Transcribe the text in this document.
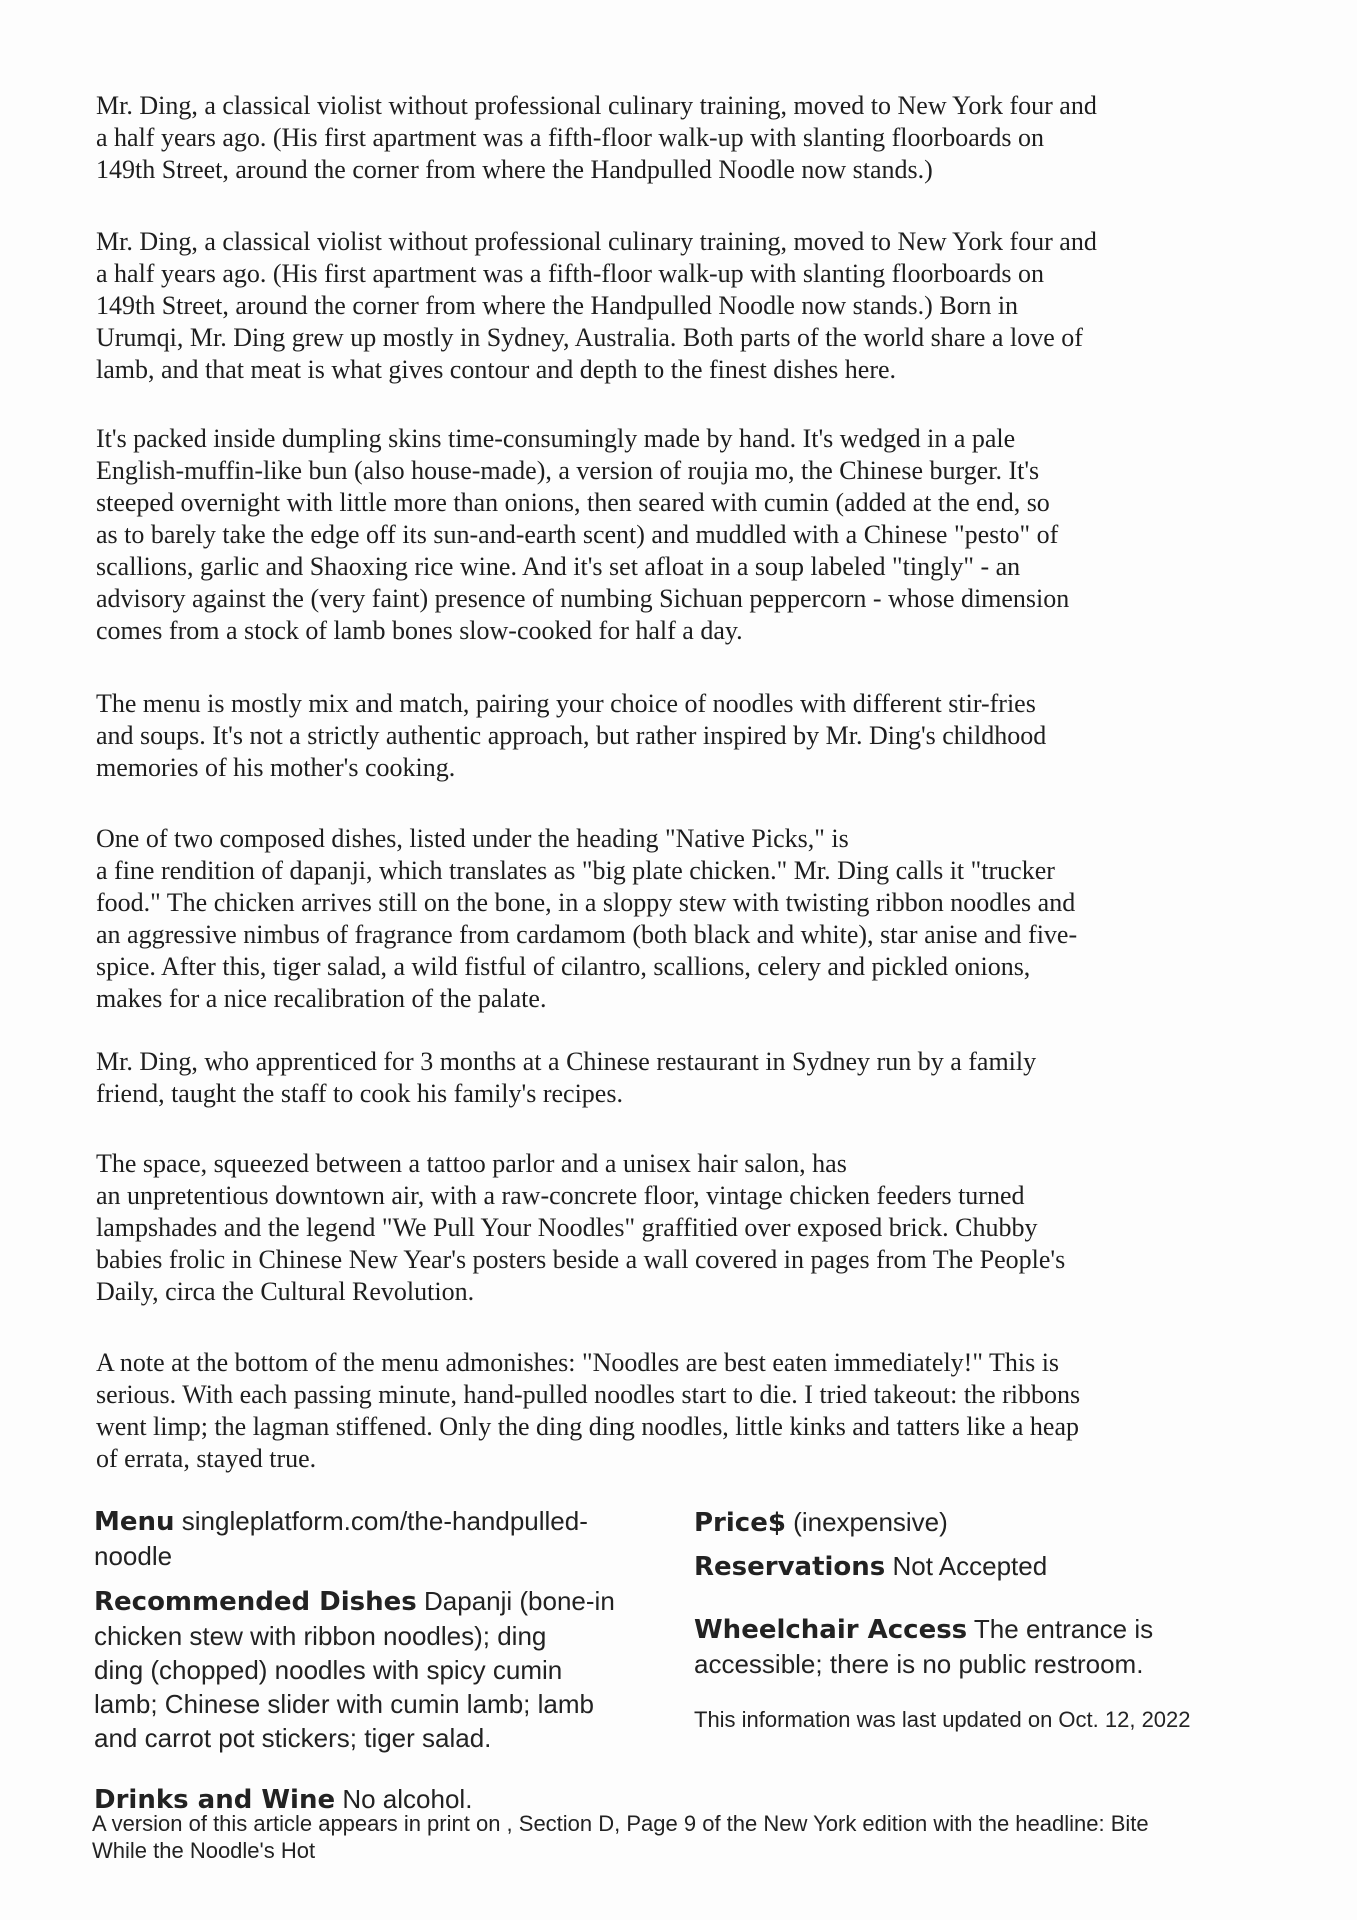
Mr. Ding, a classical violist without professional culinary training, moved to New York four and
a half years ago. (His first apartment was a fifth-floor walk-up with slanting floorboards on
149th Street, around the corner from where the Handpulled Noodle now stands.)

Mr. Ding, a classical violist without professional culinary training, moved to New York four and
a half years ago. (His first apartment was a fifth-floor walk-up with slanting floorboards on
149th Street, around the corner from where the Handpulled Noodle now stands.) Born in
Urumqi, Mr. Ding grew up mostly in Sydney, Australia. Both parts of the world share a love of
lamb, and that meat is what gives contour and depth to the finest dishes here.

It's packed inside dumpling skins time-consumingly made by hand. It's wedged in a pale
English-muffin-like bun (also house-made), a version of roujia mo, the Chinese burger. It's
steeped overnight with little more than onions, then seared with cumin (added at the end, so
as to barely take the edge off its sun-and-earth scent) and muddled with a Chinese "pesto" of
scallions, garlic and Shaoxing rice wine. And it's set afloat in a soup labeled "tingly" - an
advisory against the (very faint) presence of numbing Sichuan peppercorn - whose dimension
comes from a stock of lamb bones slow-cooked for half a day.

The menu is mostly mix and match, pairing your choice of noodles with different stir-fries
and soups. It's not a strictly authentic approach, but rather inspired by Mr. Ding's childhood
memories of his mother's cooking.

One of two composed dishes, listed under the heading "Native Picks," is
a fine rendition of dapanji, which translates as "big plate chicken." Mr. Ding calls it "trucker
food." The chicken arrives still on the bone, in a sloppy stew with twisting ribbon noodles and
an aggressive nimbus of fragrance from cardamom (both black and white), star anise and five-
spice. After this, tiger salad, a wild fistful of cilantro, scallions, celery and pickled onions,
makes for a nice recalibration of the palate.

Mr. Ding, who apprenticed for 3 months at a Chinese restaurant in Sydney run by a family
friend, taught the staff to cook his family's recipes.

The space, squeezed between a tattoo parlor and a unisex hair salon, has
an unpretentious downtown air, with a raw-concrete floor, vintage chicken feeders turned
lampshades and the legend "We Pull Your Noodles" graffitied over exposed brick. Chubby
babies frolic in Chinese New Year's posters beside a wall covered in pages from The People's
Daily, circa the Cultural Revolution.

A note at the bottom of the menu admonishes: "Noodles are best eaten immediately!" This is
serious. With each passing minute, hand-pulled noodles start to die. I tried takeout: the ribbons
went limp; the lagman stiffened. Only the ding ding noodles, little kinks and tatters like a heap
of errata, stayed true.

Menu singleplatform.com/the-handpulled-
noodle

Recommended Dishes Dapanji (bone-in
chicken stew with ribbon noodles); ding
ding (chopped) noodles with spicy cumin
lamb; Chinese slider with cumin lamb; lamb
and carrot pot stickers; tiger salad.

Drinks and Wine No alcohol.

Price$ (inexpensive)

Reservations Not Accepted

Wheelchair Access The entrance is
accessible; there is no public restroom.

This information was last updated on Oct. 12, 2022

A version of this article appears in print on , Section D, Page 9 of the New York edition with the headline: Bite
While the Noodle's Hot
